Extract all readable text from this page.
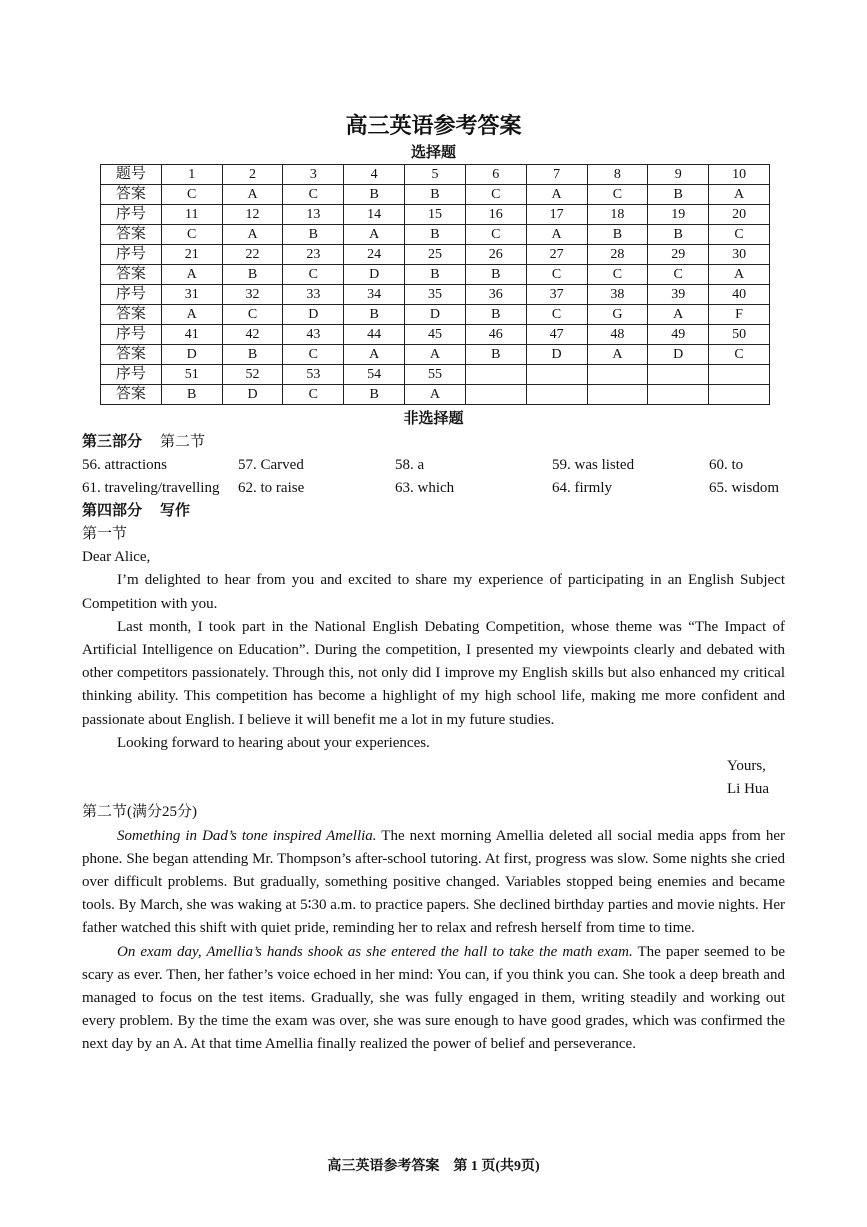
高三英语参考答案
选择题
题号	1	2	3	4	5	6	7	8	9	10
答案	C	A	C	B	B	C	A	C	B	A
序号	11	12	13	14	15	16	17	18	19	20
答案	C	A	B	A	B	C	A	B	B	C
序号	21	22	23	24	25	26	27	28	29	30
答案	A	B	C	D	B	B	C	C	C	A
序号	31	32	33	34	35	36	37	38	39	40
答案	A	C	D	B	D	B	C	G	A	F
序号	41	42	43	44	45	46	47	48	49	50
答案	D	B	C	A	A	B	D	A	D	C
序号	51	52	53	54	55					
答案	B	D	C	B	A					
非选择题
第三部分 第二节
56. attractions	57. Carved	58. a	59. was listed	60. to
61. traveling/travelling	62. to raise	63. which	64. firmly	65. wisdom
第四部分 写作
第一节
Dear Alice,

I’m delighted to hear from you and excited to share my experience of participating in an English Subject Competition with you.

Last month, I took part in the National English Debating Competition, whose theme was “The Impact of Artificial Intelligence on Education”. During the competition, I presented my viewpoints clearly and debated with other competitors passionately. Through this, not only did I improve my English skills but also enhanced my critical thinking ability. This competition has become a highlight of my high school life, making me more confident and passionate about English. I believe it will benefit me a lot in my future studies.

Looking forward to hearing about your experiences.

Yours,
Li Hua
第二节(满分25分)

Something in Dad’s tone inspired Amellia. The next morning Amellia deleted all social media apps from her phone. She began attending Mr. Thompson’s after-school tutoring. At first, progress was slow. Some nights she cried over difficult problems. But gradually, something positive changed. Variables stopped being enemies and became tools. By March, she was waking at 5∶30 a.m. to practice papers. She declined birthday parties and movie nights. Her father watched this shift with quiet pride, reminding her to relax and refresh herself from time to time.

On exam day, Amellia’s hands shook as she entered the hall to take the math exam. The paper seemed to be scary as ever. Then, her father’s voice echoed in her mind: You can, if you think you can. She took a deep breath and managed to focus on the test items. Gradually, she was fully engaged in them, writing steadily and working out every problem. By the time the exam was over, she was sure enough to have good grades, which was confirmed the next day by an A. At that time Amellia finally realized the power of belief and perseverance.

高三英语参考答案　第 1 页(共9页)
